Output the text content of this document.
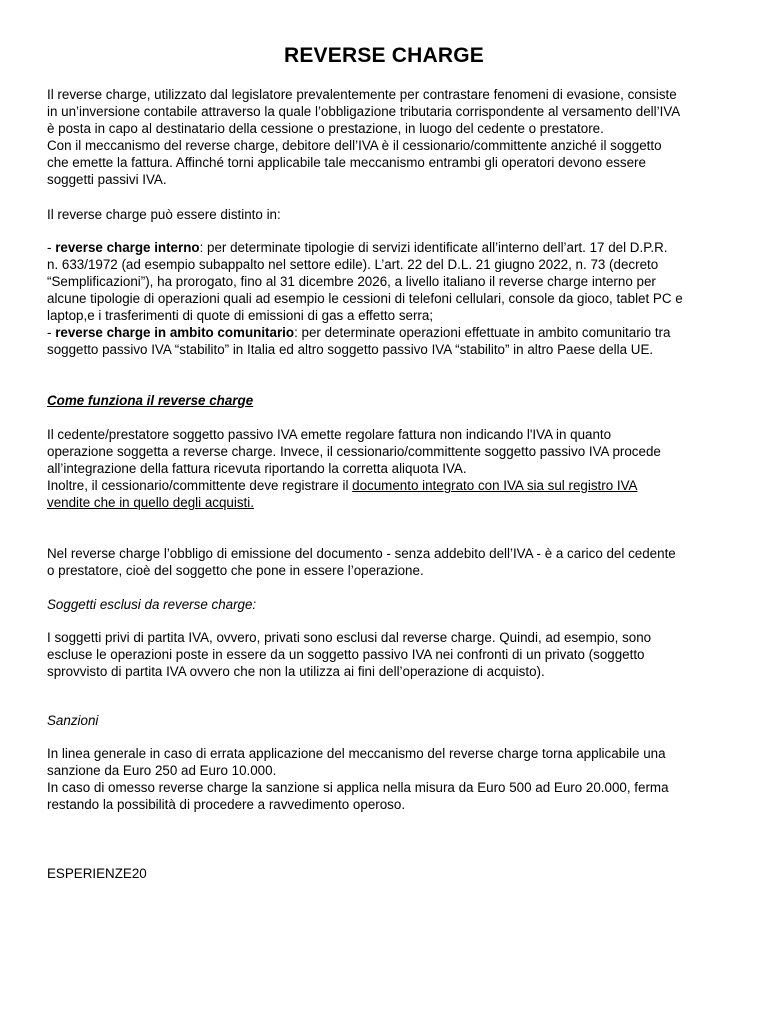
REVERSE CHARGE
Il reverse charge, utilizzato dal legislatore prevalentemente per contrastare fenomeni di evasione, consiste
in un’inversione contabile attraverso la quale l’obbligazione tributaria corrispondente al versamento dell’IVA
è posta in capo al destinatario della cessione o prestazione, in luogo del cedente o prestatore.
Con il meccanismo del reverse charge, debitore dell’IVA è il cessionario/committente anziché il soggetto
che emette la fattura. Affinché torni applicabile tale meccanismo entrambi gli operatori devono essere
soggetti passivi IVA.
Il reverse charge può essere distinto in:
- reverse charge interno: per determinate tipologie di servizi identificate all’interno dell’art. 17 del D.P.R.
n. 633/1972 (ad esempio subappalto nel settore edile). L’art. 22 del D.L. 21 giugno 2022, n. 73 (decreto
“Semplificazioni”), ha prorogato, fino al 31 dicembre 2026, a livello italiano il reverse charge interno per
alcune tipologie di operazioni quali ad esempio le cessioni di telefoni cellulari, console da gioco, tablet PC e
laptop,e i trasferimenti di quote di emissioni di gas a effetto serra;
- reverse charge in ambito comunitario: per determinate operazioni effettuate in ambito comunitario tra
soggetto passivo IVA “stabilito” in Italia ed altro soggetto passivo IVA “stabilito” in altro Paese della UE.
Come funziona il reverse charge
Il cedente/prestatore soggetto passivo IVA emette regolare fattura non indicando l'IVA in quanto
operazione soggetta a reverse charge. Invece, il cessionario/committente soggetto passivo IVA procede
all’integrazione della fattura ricevuta riportando la corretta aliquota IVA.
Inoltre, il cessionario/committente deve registrare il documento integrato con IVA sia sul registro IVA
vendite che in quello degli acquisti.
Nel reverse charge l’obbligo di emissione del documento - senza addebito dell’IVA - è a carico del cedente
o prestatore, cioè del soggetto che pone in essere l’operazione.
Soggetti esclusi da reverse charge:
I soggetti privi di partita IVA, ovvero, privati sono esclusi dal reverse charge. Quindi, ad esempio, sono
escluse le operazioni poste in essere da un soggetto passivo IVA nei confronti di un privato (soggetto
sprovvisto di partita IVA ovvero che non la utilizza ai fini dell’operazione di acquisto).
Sanzioni
In linea generale in caso di errata applicazione del meccanismo del reverse charge torna applicabile una
sanzione da Euro 250 ad Euro 10.000.
In caso di omesso reverse charge la sanzione si applica nella misura da Euro 500 ad Euro 20.000, ferma
restando la possibilità di procedere a ravvedimento operoso.
ESPERIENZE20
